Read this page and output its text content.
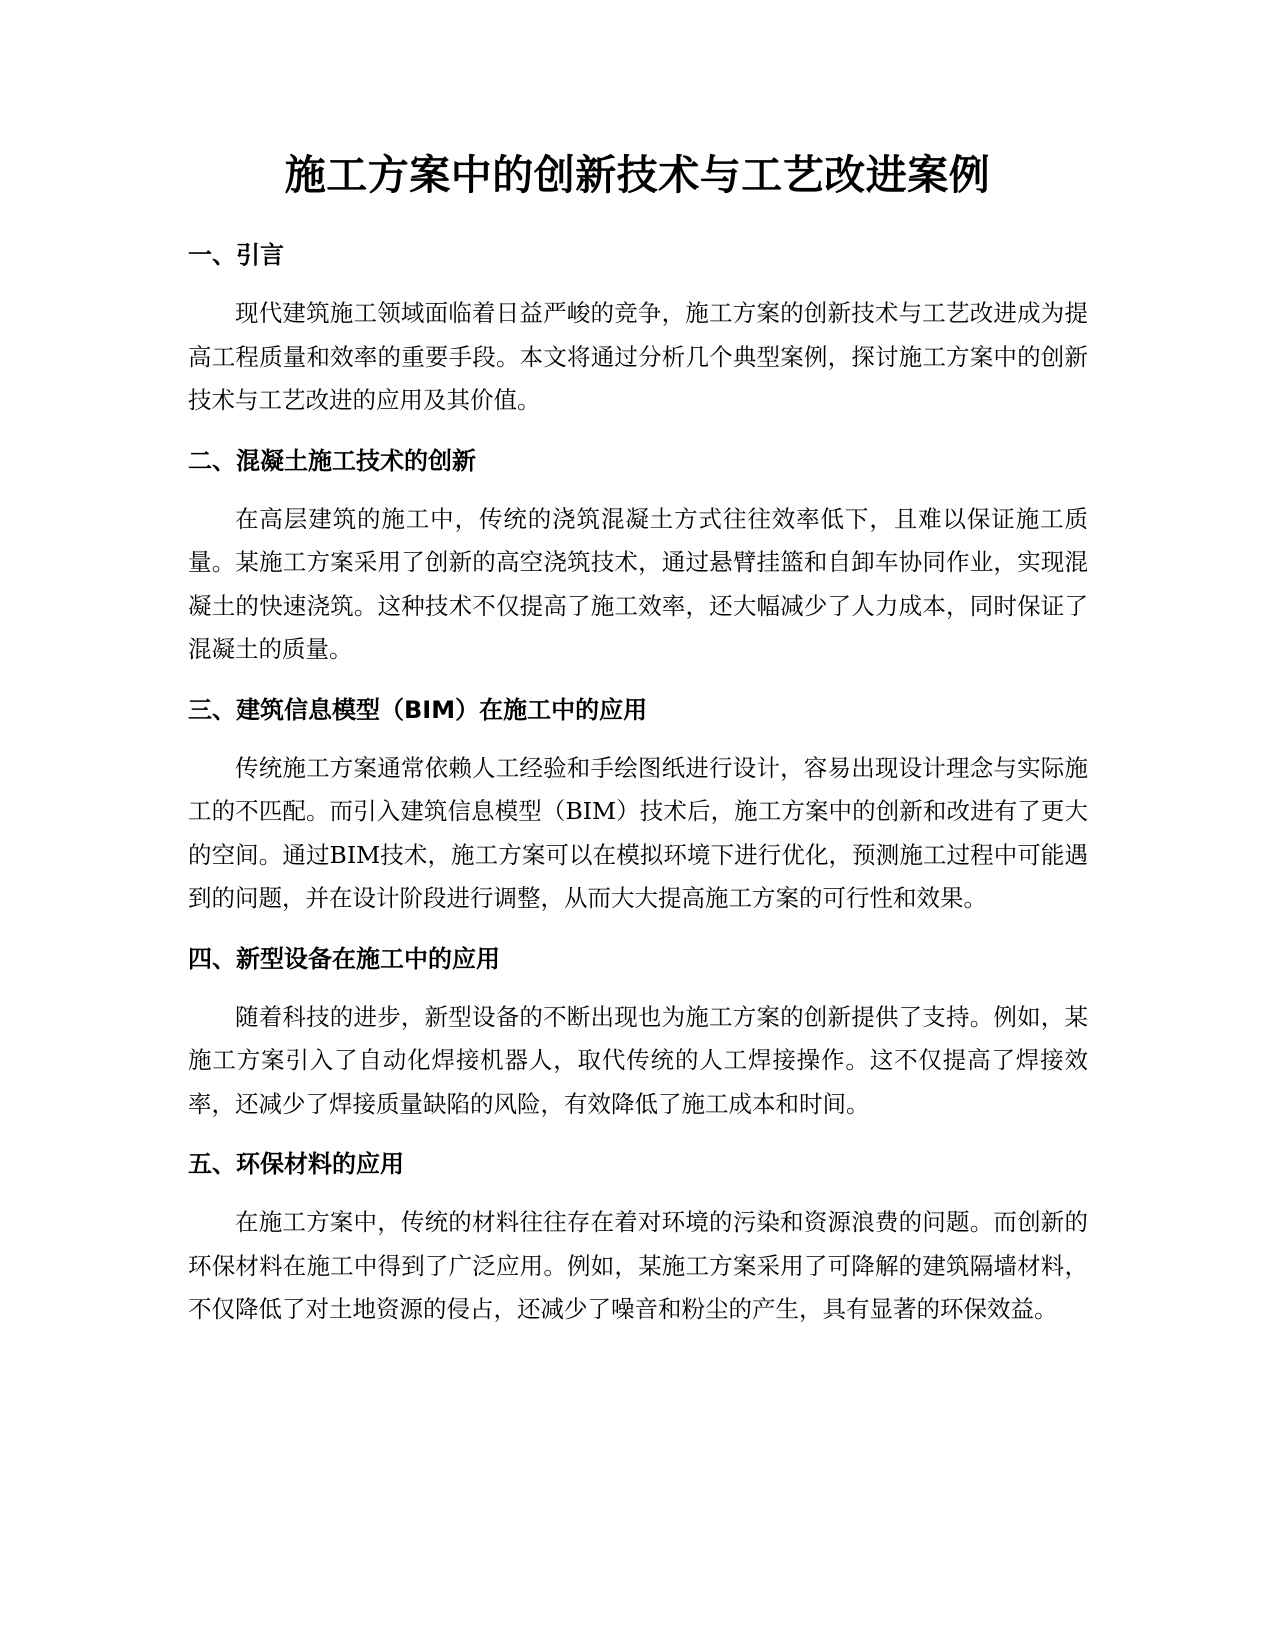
施工方案中的创新技术与工艺改进案例
一、引言

现代建筑施工领域面临着日益严峻的竞争，施工方案的创新技术与工艺改进成为提高工程质量和效率的重要手段。本文将通过分析几个典型案例，探讨施工方案中的创新技术与工艺改进的应用及其价值。

二、混凝土施工技术的创新

在高层建筑的施工中，传统的浇筑混凝土方式往往效率低下，且难以保证施工质量。某施工方案采用了创新的高空浇筑技术，通过悬臂挂篮和自卸车协同作业，实现混凝土的快速浇筑。这种技术不仅提高了施工效率，还大幅减少了人力成本，同时保证了混凝土的质量。

三、建筑信息模型（BIM）在施工中的应用

传统施工方案通常依赖人工经验和手绘图纸进行设计，容易出现设计理念与实际施工的不匹配。而引入建筑信息模型（BIM）技术后，施工方案中的创新和改进有了更大的空间。通过BIM技术，施工方案可以在模拟环境下进行优化，预测施工过程中可能遇到的问题，并在设计阶段进行调整，从而大大提高施工方案的可行性和效果。

四、新型设备在施工中的应用

随着科技的进步，新型设备的不断出现也为施工方案的创新提供了支持。例如，某施工方案引入了自动化焊接机器人，取代传统的人工焊接操作。这不仅提高了焊接效率，还减少了焊接质量缺陷的风险，有效降低了施工成本和时间。

五、环保材料的应用

在施工方案中，传统的材料往往存在着对环境的污染和资源浪费的问题。而创新的环保材料在施工中得到了广泛应用。例如，某施工方案采用了可降解的建筑隔墙材料，不仅降低了对土地资源的侵占，还减少了噪音和粉尘的产生，具有显著的环保效益。
